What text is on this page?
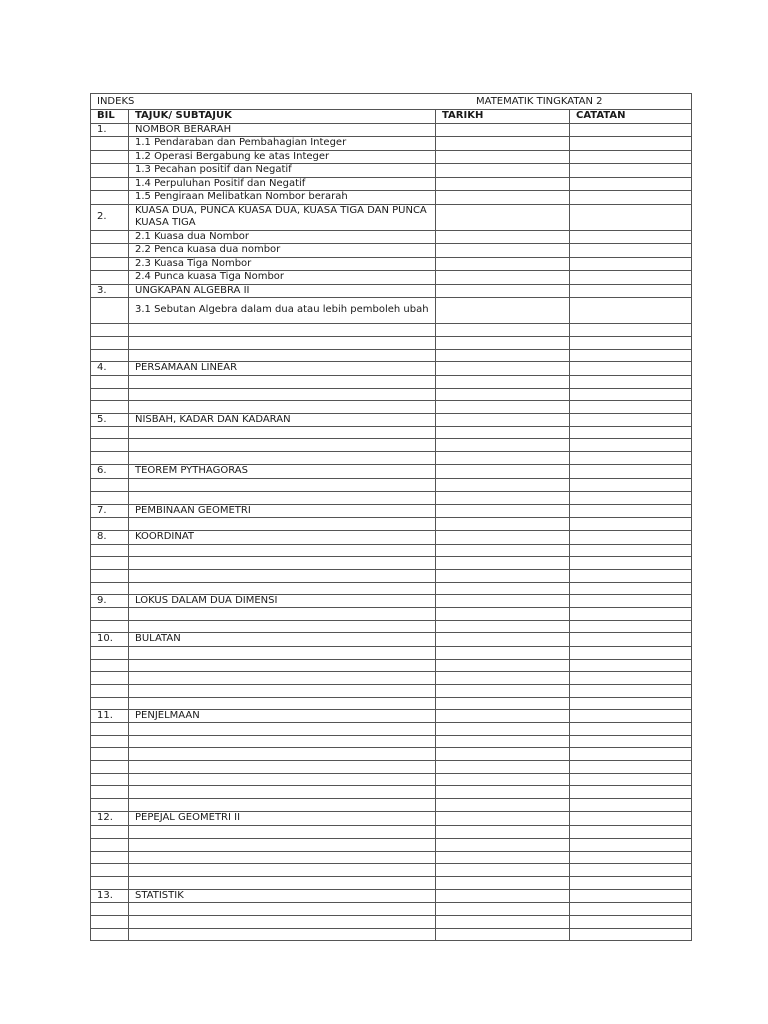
INDEKS MATEMATIK TINGKATAN 2			

BIL	TAJUK/ SUBTAJUK	TARIKH	CATATAN
1.	NOMBOR BERARAH		
	1.1 Pendaraban dan Pembahagian Integer		
	1.2 Operasi Bergabung ke atas Integer		
	1.3 Pecahan positif dan Negatif		
	1.4 Perpuluhan Positif dan Negatif		
	1.5 Pengiraan Melibatkan Nombor berarah		
2.	KUASA DUA, PUNCA KUASA DUA, KUASA TIGA DAN PUNCA KUASA TIGA		
	2.1 Kuasa dua Nombor		
	2.2 Penca kuasa dua nombor		
	2.3 Kuasa Tiga Nombor		
	2.4 Punca kuasa Tiga Nombor		
3.	UNGKAPAN ALGEBRA II		
	3.1 Sebutan Algebra dalam dua atau lebih pemboleh ubah		

4.	PERSAMAAN LINEAR		

5.	NISBAH, KADAR DAN KADARAN		

6.	TEOREM PYTHAGORAS		

7.	PEMBINAAN GEOMETRI		

8.	KOORDINAT		

9.	LOKUS DALAM DUA DIMENSI		

10.	BULATAN		

11.	PENJELMAAN		

12.	PEPEJAL GEOMETRI II		

13.	STATISTIK		
